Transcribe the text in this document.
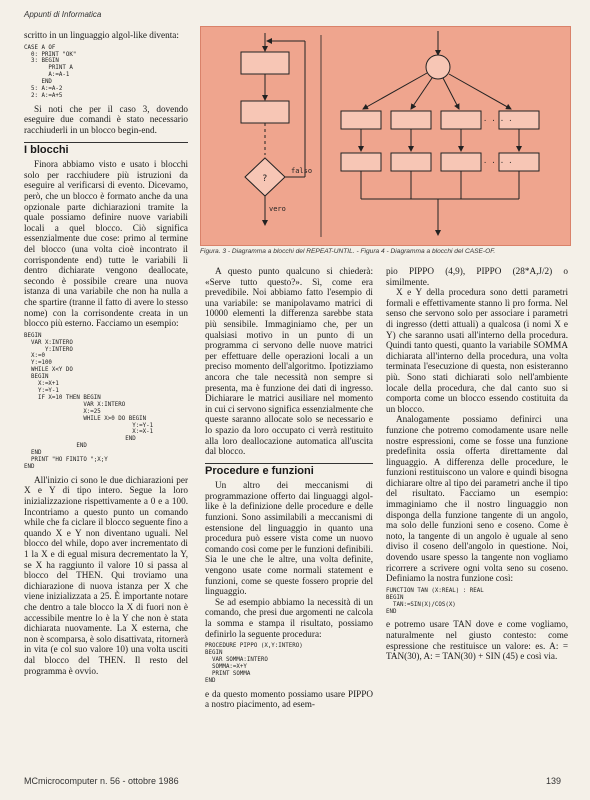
Appunti di Informatica

scritto in un linguaggio algol-like diventa:

CASE A OF
0: PRINT "OK"
3: BEGIN
PRINT A
A:=A-1
END
5: A:=A-2
2: A:=A+5

Si noti che per il caso 3, dovendo eseguire due comandi è stato necessario racchiuderli in un blocco begin-end.

I blocchi

Finora abbiamo visto e usato i blocchi solo per racchiudere più istruzioni da eseguire al verificarsi di evento. Dicevamo, però, che un blocco è formato anche da una opzionale parte dichiarazioni tramite la quale possiamo definire nuove variabili locali a quel blocco. Ciò significa essenzialmente due cose: primo al termine del blocco (una volta cioè incontrato il corrispondente end) tutte le variabili lì dentro dichiarate vengono deallocate, secondo è possibile creare una nuova istanza di una variabile che non ha nulla a che spartire (tranne il fatto di avere lo stesso nome) con la corrisondente creata in un blocco più esterno. Facciamo un esempio:

BEGIN
VAR X:INTERO
Y:INTERO
X:=0
Y:=100
WHILE X<Y DO
BEGIN
X:=X+1
Y:=Y-1
IF X=10 THEN BEGIN
VAR X:INTERO
X:=25
WHILE X>0 DO BEGIN
Y:=Y-1
X:=X-1
END
END
END
PRINT "HO FINITO ";X;Y
END

All'inizio ci sono le due dichiarazioni per X e Y di tipo intero. Segue la loro inizializzazione rispettivamente a 0 e a 100. Incontriamo a questo punto un comando while che fa ciclare il blocco seguente fino a quando X e Y non diventano uguali. Nel blocco del while, dopo aver incrementato di 1 la X e di egual misura decrementato la Y, se X ha raggiunto il valore 10 si passa al blocco del THEN. Qui troviamo una dichiarazione di nuova istanza per X che viene inizializzata a 25. È importante notare che dentro a tale blocco la X di fuori non è accessibile mentre lo è la Y che non è stata dichiarata nuovamente. La X esterna, che non è scomparsa, è solo disattivata, ritornerà in vita (e col suo valore 10) una volta usciti dal blocco del THEN. Il resto del programma è ovvio.

?
falso
vero
· · · ·
· · · ·
Figura. 3 - Diagramma a blocchi del REPEAT-UNTIL. - Figura 4 - Diagramma a blocchi del CASE-OF.

A questo punto qualcuno si chiederà: «Serve tutto questo?». Sì, come era prevedibile. Noi abbiamo fatto l'esempio di una variabile: se manipolavamo matrici di 10000 elementi la differenza sarebbe stata più sensibile. Immaginiamo che, per un qualsiasi motivo in un punto di un programma ci servono delle nuove matrici per effettuare delle operazioni locali a un preciso momento dell'algoritmo. Ipotizziamo ancora che tale necessità non sempre si presenta, ma è funzione dei dati di ingresso. Dichiarare le matrici ausiliare nel momento in cui ci servono significa essenzialmente che queste saranno allocate solo se necessario e lo spazio da loro occupato ci verrà restituito alla loro deallocazione automatica all'uscita dal blocco.

Procedure e funzioni

Un altro dei meccanismi di programmazione offerto dai linguaggi algol-like è la definizione delle procedure e delle funzioni. Sono assimilabili a meccanismi di estensione del linguaggio in quanto una procedura può essere vista come un nuovo comando così come per le funzioni definibili. Sia le une che le altre, una volta definite, vengono usate come normali statement e funzioni, come se queste fossero proprie del linguaggio.

Se ad esempio abbiamo la necessità di un comando, che presi due argomenti ne calcola la somma e stampa il risultato, possiamo definirlo la seguente procedura:

PROCEDURE PIPPO (X,Y:INTERO)
BEGIN
VAR SOMMA:INTERO
SOMMA:=X+Y
PRINT SOMMA
END

e da questo momento possiamo usare PIPPO a nostro piacimento, ad esem-

pio PIPPO (4,9), PIPPO (28*A,J/2) o similmente.

X e Y della procedura sono detti parametri formali e effettivamente stanno lì pro forma. Nel senso che servono solo per associare i parametri di ingresso (detti attuali) a qualcosa (i nomi X e Y) che saranno usati all'interno della procedura. Quindi tanto questi, quanto la variabile SOMMA dichiarata all'interno della procedura, una volta terminata l'esecuzione di questa, non esisteranno più. Sono stati dichiarati solo nell'ambiente locale della procedura, che dal canto suo si comporta come un blocco essendo costituita da un blocco.

Analogamente possiamo definirci una funzione che potremo comodamente usare nelle nostre espressioni, come se fosse una funzione predefinita ossia offerta direttamente dal linguaggio. A differenza delle procedure, le funzioni restituiscono un valore e quindi bisogna dichiarare oltre al tipo dei parametri anche il tipo del risultato. Facciamo un esempio: immaginiamo che il nostro linguaggio non disponga della funzione tangente di un angolo, ma solo delle funzioni seno e coseno. Come è noto, la tangente di un angolo è uguale al seno diviso il coseno dell'angolo in questione. Noi, dovendo usare spesso la tangente non vogliamo ricorrere a scrivere ogni volta seno su coseno. Definiamo la nostra funzione così:

FUNCTION TAN (X:REAL) : REAL
BEGIN
TAN:=SIN(X)/COS(X)
END

e potremo usare TAN dove e come vogliamo, naturalmente nel giusto contesto: come espressione che restituisce un valore: es. A: = TAN(30), A: = TAN(30) + SIN (45) e così via.

MCmicrocomputer n. 56 - ottobre 1986	139
